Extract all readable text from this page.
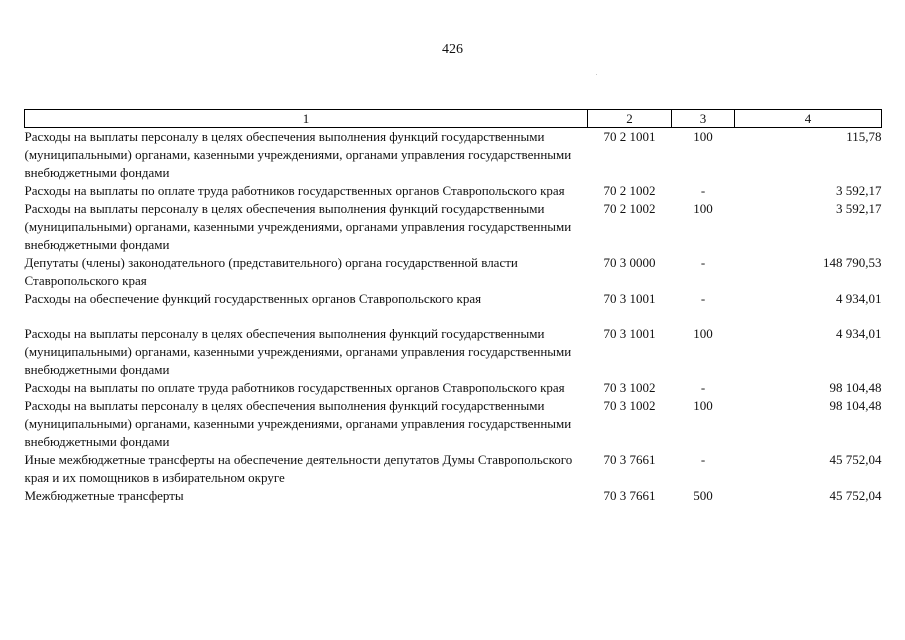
426
1	2	3	4
Расходы на выплаты персоналу в целях обеспечения выполнения функций государственными (муниципальными) органами, казенными учреждениями, органами управления государственными внебюджетными фондами	70 2 1001	100	115,78
Расходы на выплаты по оплате труда работников государственных органов Ставропольского края	70 2 1002	-	3 592,17
Расходы на выплаты персоналу в целях обеспечения выполнения функций государственными (муниципальными) органами, казенными учреждениями, органами управления государственными внебюджетными фондами	70 2 1002	100	3 592,17
Депутаты (члены) законодательного (представительного) органа государственной власти Ставропольского края	70 3 0000	-	148 790,53
Расходы на обеспечение функций государственных органов Ставропольского края	70 3 1001	-	4 934,01
Расходы на выплаты персоналу в целях обеспечения выполнения функций государственными (муниципальными) органами, казенными учреждениями, органами управления государственными внебюджетными фондами	70 3 1001	100	4 934,01
Расходы на выплаты по оплате труда работников государственных органов Ставропольского края	70 3 1002	-	98 104,48
Расходы на выплаты персоналу в целях обеспечения выполнения функций государственными (муниципальными) органами, казенными учреждениями, органами управления государственными внебюджетными фондами	70 3 1002	100	98 104,48
Иные межбюджетные трансферты на обеспечение деятельности депутатов Думы Ставропольского края и их помощников в избирательном округе	70 3 7661	-	45 752,04
Межбюджетные трансферты	70 3 7661	500	45 752,04
